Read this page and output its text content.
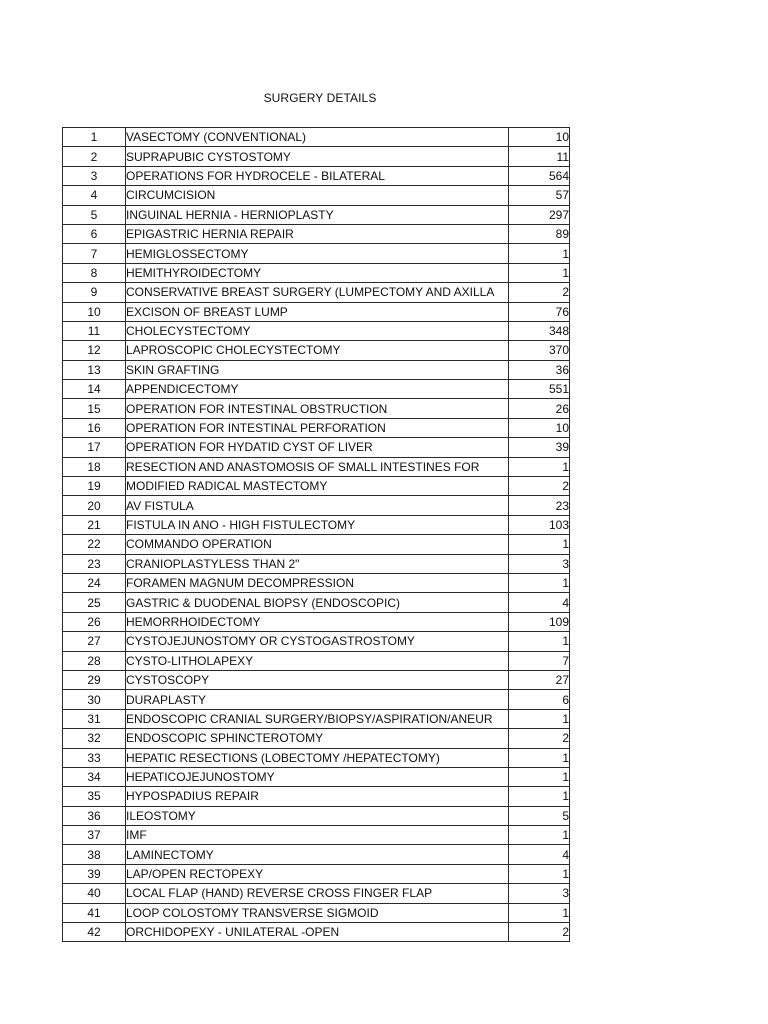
SURGERY DETAILS
1	VASECTOMY (CONVENTIONAL)	10
2	SUPRAPUBIC CYSTOSTOMY	11
3	OPERATIONS FOR HYDROCELE - BILATERAL	564
4	CIRCUMCISION	57
5	INGUINAL HERNIA - HERNIOPLASTY	297
6	EPIGASTRIC HERNIA REPAIR	89
7	HEMIGLOSSECTOMY	1
8	HEMITHYROIDECTOMY	1
9	CONSERVATIVE BREAST SURGERY (LUMPECTOMY AND AXILLA	2
10	EXCISON OF BREAST LUMP	76
11	CHOLECYSTECTOMY	348
12	LAPROSCOPIC CHOLECYSTECTOMY	370
13	SKIN GRAFTING	36
14	APPENDICECTOMY	551
15	OPERATION FOR INTESTINAL OBSTRUCTION	26
16	OPERATION FOR INTESTINAL PERFORATION	10
17	OPERATION FOR HYDATID CYST OF LIVER	39
18	RESECTION AND ANASTOMOSIS OF SMALL INTESTINES FOR	1
19	MODIFIED RADICAL MASTECTOMY	2
20	AV FISTULA	23
21	FISTULA IN ANO - HIGH FISTULECTOMY	103
22	COMMANDO OPERATION	1
23	CRANIOPLASTYLESS THAN 2"	3
24	FORAMEN MAGNUM DECOMPRESSION	1
25	GASTRIC & DUODENAL BIOPSY (ENDOSCOPIC)	4
26	HEMORRHOIDECTOMY	109
27	CYSTOJEJUNOSTOMY OR CYSTOGASTROSTOMY	1
28	CYSTO-LITHOLAPEXY	7
29	CYSTOSCOPY	27
30	DURAPLASTY	6
31	ENDOSCOPIC CRANIAL SURGERY/BIOPSY/ASPIRATION/ANEUR	1
32	ENDOSCOPIC SPHINCTEROTOMY	2
33	HEPATIC RESECTIONS (LOBECTOMY /HEPATECTOMY)	1
34	HEPATICOJEJUNOSTOMY	1
35	HYPOSPADIUS REPAIR	1
36	ILEOSTOMY	5
37	IMF	1
38	LAMINECTOMY	4
39	LAP/OPEN RECTOPEXY	1
40	LOCAL FLAP (HAND) REVERSE CROSS FINGER FLAP	3
41	LOOP COLOSTOMY TRANSVERSE SIGMOID	1
42	ORCHIDOPEXY - UNILATERAL -OPEN	2
